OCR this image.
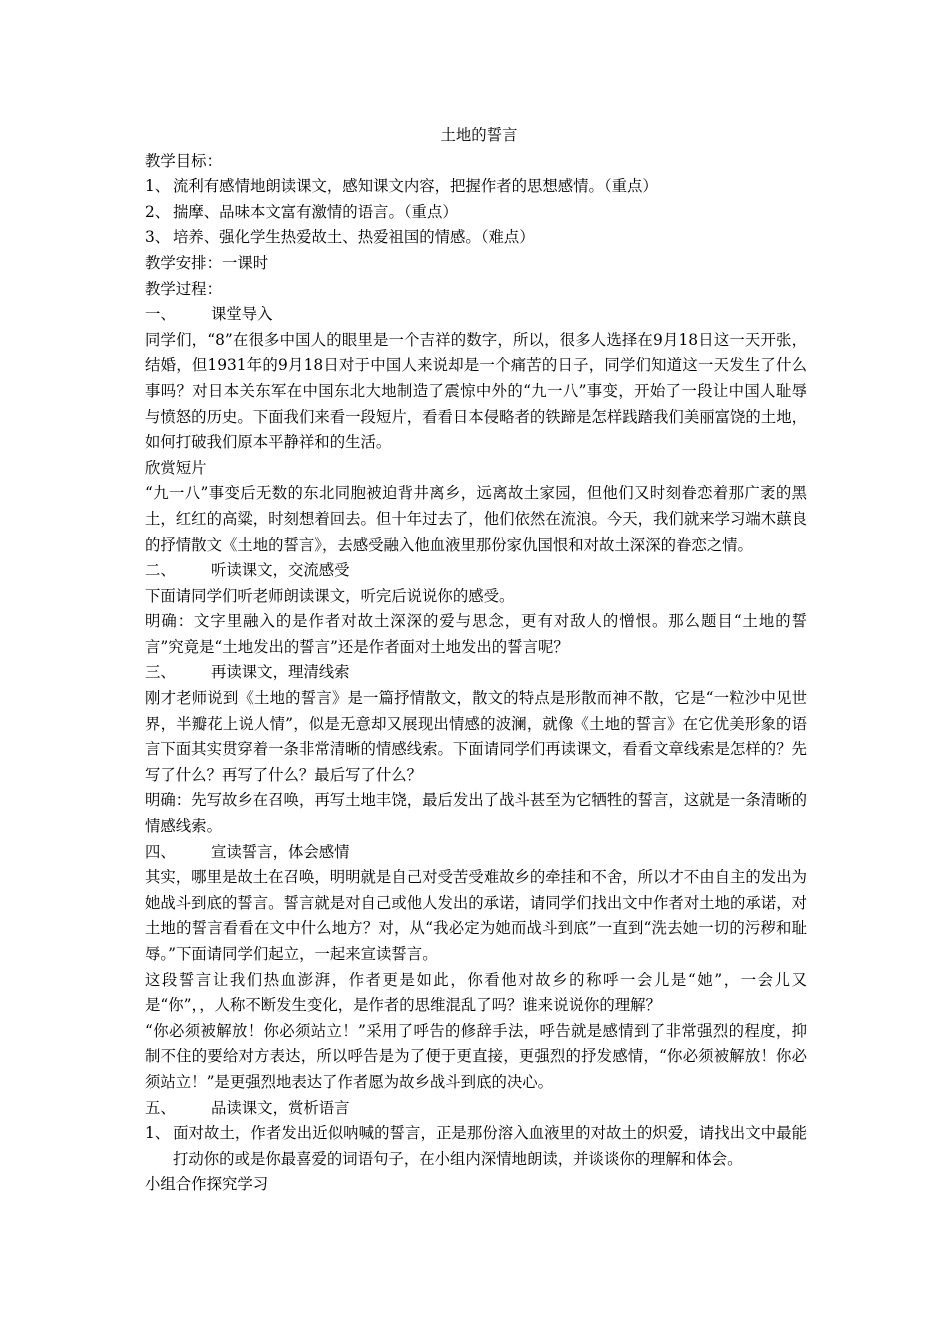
土地的誓言

教学目标：

1、 流利有感情地朗读课文，感知课文内容，把握作者的思想感情。（重点）
2、 揣摩、品味本文富有激情的语言。（重点）
3、 培养、强化学生热爱故土、热爱祖国的情感。（难点）

教学安排：一课时

教学过程：

一、	课堂导入

同学们，“8”在很多中国人的眼里是一个吉祥的数字，所以，很多人选择在9月18日这一天开张，结婚，但1931年的9月18日对于中国人来说却是一个痛苦的日子，同学们知道这一天发生了什么事吗？对日本关东军在中国东北大地制造了震惊中外的“九一八”事变，开始了一段让中国人耻辱与愤怒的历史。下面我们来看一段短片，看看日本侵略者的铁蹄是怎样践踏我们美丽富饶的土地，如何打破我们原本平静祥和的生活。

欣赏短片

“九一八”事变后无数的东北同胞被迫背井离乡，远离故土家园，但他们又时刻眷恋着那广袤的黑土，红红的高粱，时刻想着回去。但十年过去了，他们依然在流浪。今天，我们就来学习端木蕻良的抒情散文《土地的誓言》，去感受融入他血液里那份家仇国恨和对故土深深的眷恋之情。

二、	听读课文，交流感受

下面请同学们听老师朗读课文，听完后说说你的感受。

明确：文字里融入的是作者对故土深深的爱与思念，更有对敌人的憎恨。那么题目“土地的誓言”究竟是“土地发出的誓言”还是作者面对土地发出的誓言呢？

三、	再读课文，理清线索

刚才老师说到《土地的誓言》是一篇抒情散文，散文的特点是形散而神不散，它是“一粒沙中见世界，半瓣花上说人情”，似是无意却又展现出情感的波澜，就像《土地的誓言》在它优美形象的语言下面其实贯穿着一条非常清晰的情感线索。下面请同学们再读课文，看看文章线索是怎样的？先写了什么？再写了什么？最后写了什么？

明确：先写故乡在召唤，再写土地丰饶，最后发出了战斗甚至为它牺牲的誓言，这就是一条清晰的情感线索。

四、	宣读誓言，体会感情

其实，哪里是故土在召唤，明明就是自己对受苦受难故乡的牵挂和不舍，所以才不由自主的发出为她战斗到底的誓言。誓言就是对自己或他人发出的承诺，请同学们找出文中作者对土地的承诺，对土地的誓言看看在文中什么地方？对，从“我必定为她而战斗到底”一直到“洗去她一切的污秽和耻辱。”下面请同学们起立，一起来宣读誓言。

这段誓言让我们热血澎湃，作者更是如此，你看他对故乡的称呼一会儿是“她”，一会儿又是“你”，，人称不断发生变化，是作者的思维混乱了吗？谁来说说你的理解？

“你必须被解放！你必须站立！”采用了呼告的修辞手法，呼告就是感情到了非常强烈的程度，抑制不住的要给对方表达，所以呼告是为了便于更直接，更强烈的抒发感情，“你必须被解放！你必须站立！”是更强烈地表达了作者愿为故乡战斗到底的决心。

五、	品读课文，赏析语言

1、 面对故土，作者发出近似呐喊的誓言，正是那份溶入血液里的对故土的炽爱，请找出文中最能打动你的或是你最喜爱的词语句子，在小组内深情地朗读，并谈谈你的理解和体会。

小组合作探究学习
